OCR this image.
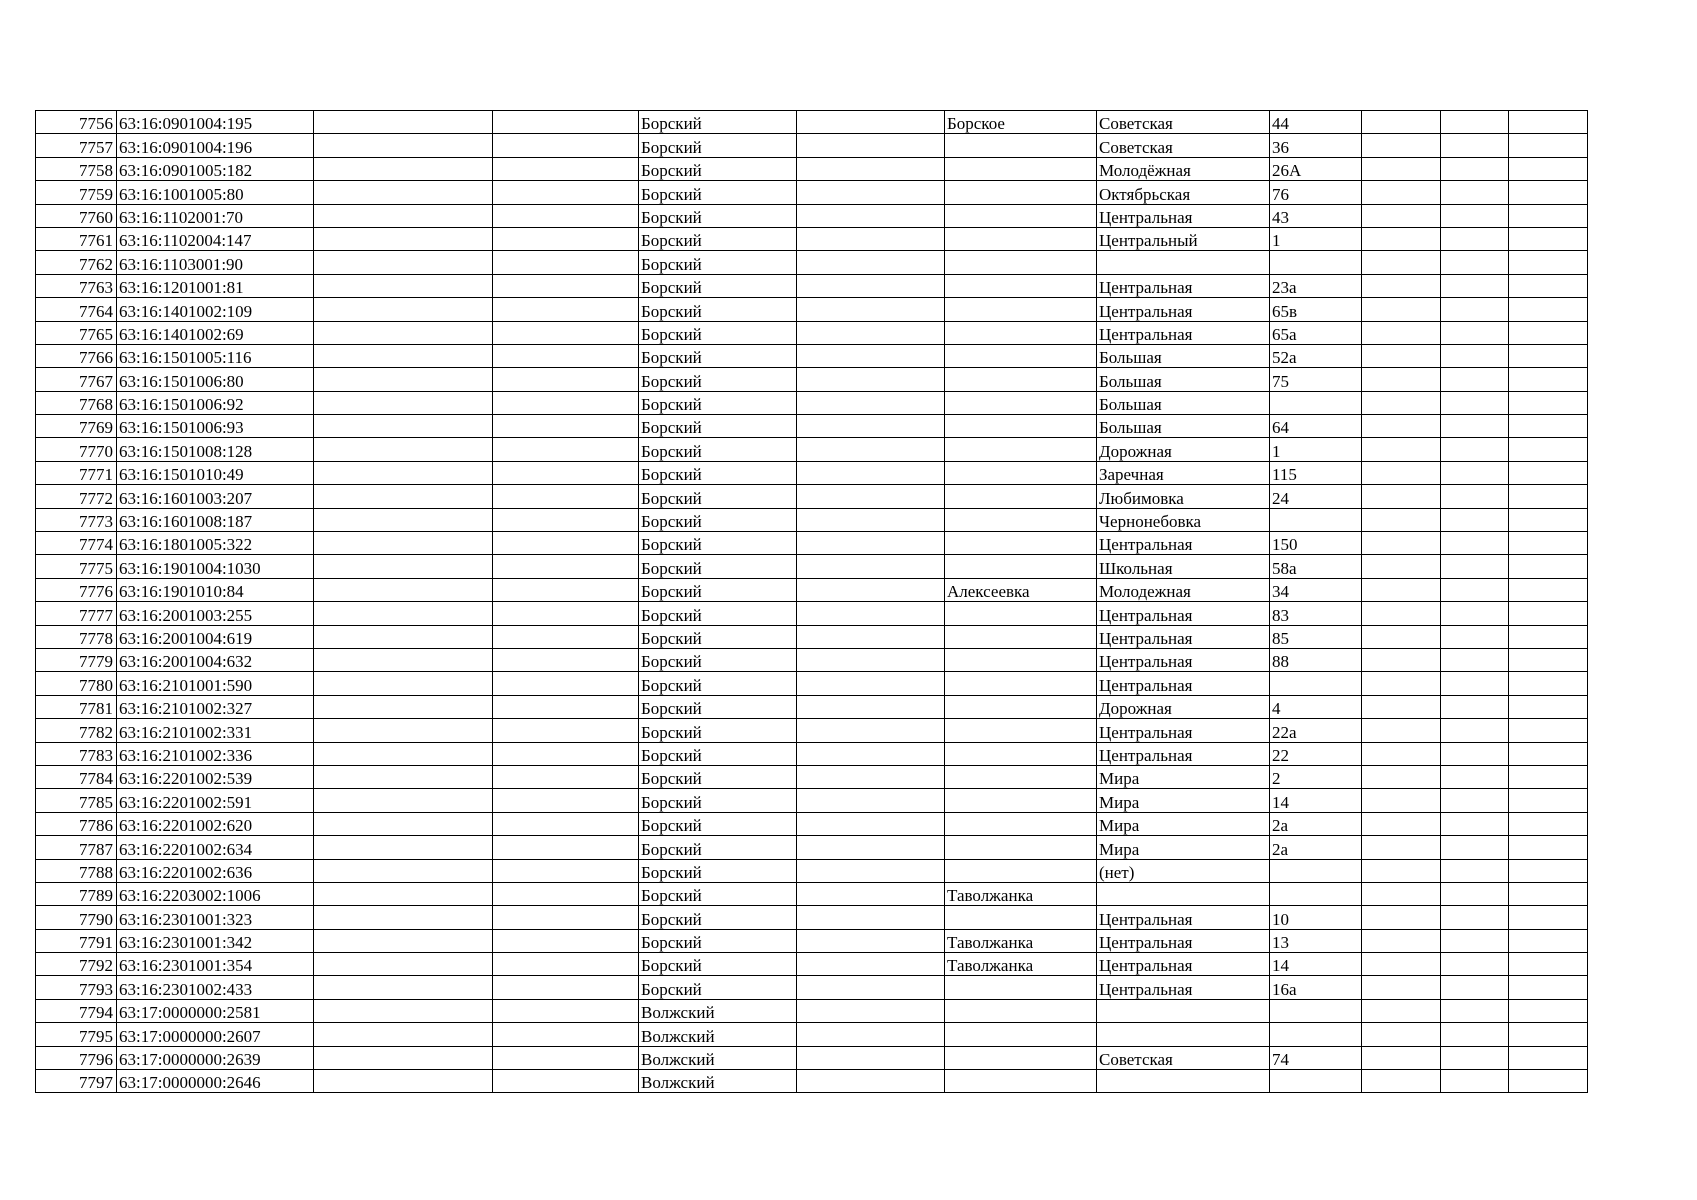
7756	63:16:0901004:195			Борский		Борское	Советская	44			
7757	63:16:0901004:196			Борский			Советская	36			
7758	63:16:0901005:182			Борский			Молодёжная	26А			
7759	63:16:1001005:80			Борский			Октябрьская	76			
7760	63:16:1102001:70			Борский			Центральная	43			
7761	63:16:1102004:147			Борский			Центральный	1			
7762	63:16:1103001:90			Борский							
7763	63:16:1201001:81			Борский			Центральная	23а			
7764	63:16:1401002:109			Борский			Центральная	65в			
7765	63:16:1401002:69			Борский			Центральная	65а			
7766	63:16:1501005:116			Борский			Большая	52а			
7767	63:16:1501006:80			Борский			Большая	75			
7768	63:16:1501006:92			Борский			Большая				
7769	63:16:1501006:93			Борский			Большая	64			
7770	63:16:1501008:128			Борский			Дорожная	1			
7771	63:16:1501010:49			Борский			Заречная	115			
7772	63:16:1601003:207			Борский			Любимовка	24			
7773	63:16:1601008:187			Борский			Чернонебовка				
7774	63:16:1801005:322			Борский			Центральная	150			
7775	63:16:1901004:1030			Борский			Школьная	58а			
7776	63:16:1901010:84			Борский		Алексеевка	Молодежная	34			
7777	63:16:2001003:255			Борский			Центральная	83			
7778	63:16:2001004:619			Борский			Центральная	85			
7779	63:16:2001004:632			Борский			Центральная	88			
7780	63:16:2101001:590			Борский			Центральная				
7781	63:16:2101002:327			Борский			Дорожная	4			
7782	63:16:2101002:331			Борский			Центральная	22а			
7783	63:16:2101002:336			Борский			Центральная	22			
7784	63:16:2201002:539			Борский			Мира	2			
7785	63:16:2201002:591			Борский			Мира	14			
7786	63:16:2201002:620			Борский			Мира	2а			
7787	63:16:2201002:634			Борский			Мира	2а			
7788	63:16:2201002:636			Борский			(нет)				
7789	63:16:2203002:1006			Борский		Таволжанка					
7790	63:16:2301001:323			Борский			Центральная	10			
7791	63:16:2301001:342			Борский		Таволжанка	Центральная	13			
7792	63:16:2301001:354			Борский		Таволжанка	Центральная	14			
7793	63:16:2301002:433			Борский			Центральная	16а			
7794	63:17:0000000:2581			Волжский							
7795	63:17:0000000:2607			Волжский							
7796	63:17:0000000:2639			Волжский			Советская	74			
7797	63:17:0000000:2646			Волжский							
